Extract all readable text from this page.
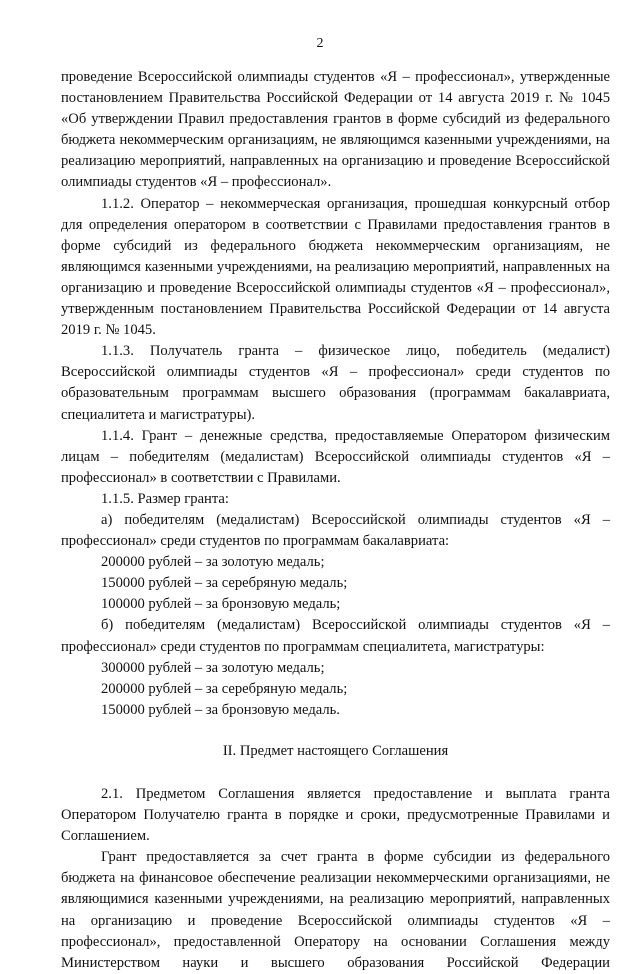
2

проведение Всероссийской олимпиады студентов «Я – профессионал», утвержденные постановлением Правительства Российской Федерации от 14 августа 2019 г. № 1045 «Об утверждении Правил предоставления грантов в форме субсидий из федерального бюджета некоммерческим организациям, не являющимся казенными учреждениями, на реализацию мероприятий, направленных на организацию и проведение Всероссийской олимпиады студентов «Я – профессионал».

1.1.2. Оператор – некоммерческая организация, прошедшая конкурсный отбор для определения оператором в соответствии с Правилами предоставления грантов в форме субсидий из федерального бюджета некоммерческим организациям, не являющимся казенными учреждениями, на реализацию мероприятий, направленных на организацию и проведение Всероссийской олимпиады студентов «Я – профессионал», утвержденным постановлением Правительства Российской Федерации от 14 августа 2019 г. № 1045.

1.1.3. Получатель гранта – физическое лицо, победитель (медалист) Всероссийской олимпиады студентов «Я – профессионал» среди студентов по образовательным программам высшего образования (программам бакалавриата, специалитета и магистратуры).

1.1.4. Грант – денежные средства, предоставляемые Оператором физическим лицам – победителям (медалистам) Всероссийской олимпиады студентов «Я – профессионал» в соответствии с Правилами.

1.1.5. Размер гранта:

а) победителям (медалистам) Всероссийской олимпиады студентов «Я – профессионал» среди студентов по программам бакалавриата:

200000 рублей – за золотую медаль;

150000 рублей – за серебряную медаль;

100000 рублей – за бронзовую медаль;

б) победителям (медалистам) Всероссийской олимпиады студентов «Я – профессионал» среди студентов по программам специалитета, магистратуры:

300000 рублей – за золотую медаль;

200000 рублей – за серебряную медаль;

150000 рублей – за бронзовую медаль.

II. Предмет настоящего Соглашения

2.1. Предметом Соглашения является предоставление и выплата гранта Оператором Получателю гранта в порядке и сроки, предусмотренные Правилами и Соглашением.

Грант предоставляется за счет гранта в форме субсидии из федерального бюджета на финансовое обеспечение реализации некоммерческими организациями, не являющимися казенными учреждениями, на реализацию мероприятий, направленных на организацию и проведение Всероссийской олимпиады студентов «Я – профессионал», предоставленной Оператору на основании Соглашения между Министерством науки и высшего образования Российской Федерации
